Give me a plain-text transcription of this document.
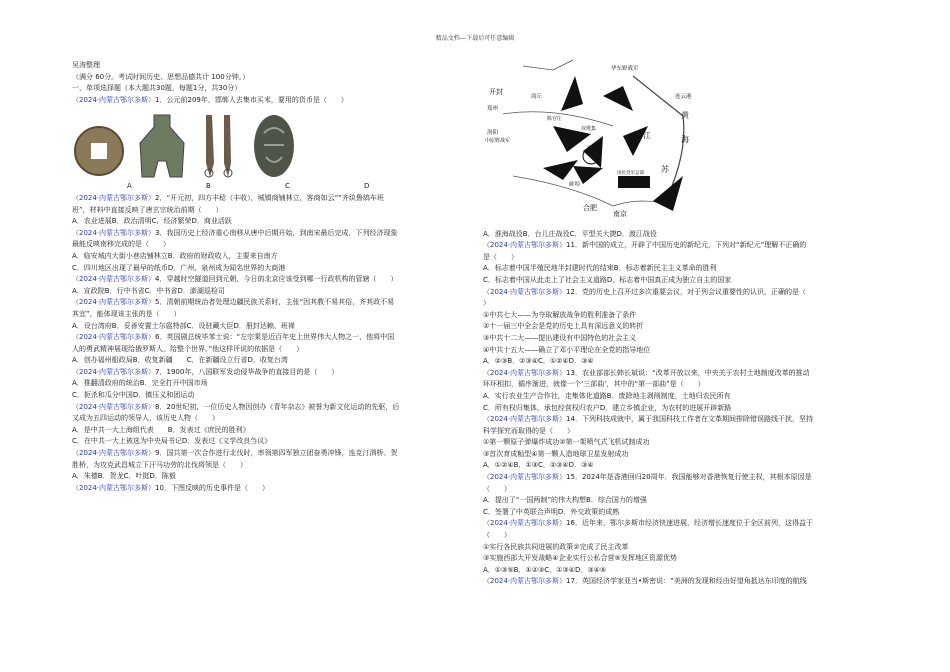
精品文档---下载后可任意编辑
吴涛整理
（满分 60分。考试时间历史、思想品德共计 100分钟。）
一、单项选择题（本大题共30题，每题1分，共30分）
（2024·内蒙古鄂尔多斯）1．公元前209年，邯郸人去集市买米，要用的货币是（　　）
A	B	C	D
（2024·内蒙古鄂尔多斯）2．“开元初，四方丰稔（丰收），城镇商铺林立，客商如云”“齐纨鲁缟车班
班”，材料中直接反映了唐玄宗统治前期（　　）
A．农业进展B．政治清明C．经济繁荣D．商业活跃
（2024·内蒙古鄂尔多斯）3．我国历史上经济重心南移从唐中后期开始，到南宋最后完成．下列经济现象
最能反映南移完成的是（　　）
A．临安城内大街小巷店铺林立B．政府的财政收入，主要来自南方
C．四川地区出现了最早的纸币D．广州、泉州成为闻名世界的大商港
（2024·内蒙古鄂尔多斯）4．穿越时空隧道回到元朝，今日的北京应该受到哪一行政机构的管辖（　　）
A．宣政院B．行中书省C．中书省D．澎湖巡检司
（2024·内蒙古鄂尔多斯）5．清朝前期统治者处理边疆民族关系时，主张“因其教不易其俗，齐其政不易
其宜”，能体现该主张的是（　　）
A．设台湾府B．妥善安置土尔扈特部C．设驻藏大臣D．册封达赖、班禅
（2024·内蒙古鄂尔多斯）6．英国剧总统毕苯士说：“左宗棠是近百年史上世界伟大人物之一，他将中国
人的勇武精神展现给俄罗斯人，给整个世界。”他这样评说的依据是（　　）
A．创办福州船政局B．收复新疆　　C．在新疆设立行省D．收复台湾
（2024·内蒙古鄂尔多斯）7．1900年，八国联军发动侵华战争的直接目的是（　　）
A．推翻清政府的统治B．完全打开中国市场
C．扼杀和瓜分中国D．镇压义和团运动
（2024·内蒙古鄂尔多斯）8．20世纪初，一位历史人物因创办《青年杂志》被誉为新文化运动的先驱，后
又成为五四运动的领导人，该历史人物（　　）
A．是中共一大上海组代表　　B．发表过《庶民的胜利》
C．在中共一大上被选为中央局书记D．发表过《文学改良刍议》
（2024·内蒙古鄂尔多斯）9．国共第一次合作进行北伐时，率领第四军独立团奋勇冲锋，连克汀泗桥、贺
胜桥，为攻克武昌城立下汗马功劳的北伐将领是（　　）
A．朱德B．贺龙C．叶挺D．陈毅
（2024·内蒙古鄂尔多斯）10．下图反映的历史事件是（　　）
开封
郑州
洛阳
中原野战军
华东野战军
连云港
黄
海
商丘
宿县
蚌埠
合肥
南京
江
苏
双堆集
陈官庄
国民党军总部
A．淮海战役B．台儿庄战役C．平型关大捷D．渡江战役
（2024·内蒙古鄂尔多斯）11．新中国的成立，开辟了中国历史的新纪元，下列对“新纪元”理解不正确的
是（　　）
A．标志着中国半殖民地半封建时代的结束B．标志着新民主主义革命的胜利
C．标志着中国从此走上了社会主义道路D．标志着中国真正成为独立自主的国家
（2024·内蒙古鄂尔多斯）12．党的历史上召开过多次重要会议，对于列会议重要性的认识，正确的是（
）
①中共七大——为夺取解放战争的胜利准备了条件
②十一届三中全会是党的历史上具有深远意义的转折
③中共十二大——提出建设有中国特色的社会主义
④中共十五大——确立了邓小平理论在全党的指导地位
A．②③B．②③④C．①②④D．③④
（2024·内蒙古鄂尔多斯）13．农业部部长韩长斌说：“改革开放以来，中央关于农村土地制度改革的推动
环环相扣，循序渐进，就像一个‘三部曲’，其中的“第一部曲”是（　　）
A．实行农业生产合作社，走集体化道路B．废除地主剥削制度，土地归农民所有
C．所有权归集体，承包经营权归农户D．建立乡镇企业，为农村的进展开辟新路
（2024·内蒙古鄂尔多斯）14．下列科技成就中，属于我国科技工作者在文革期间排除错误路线干扰，坚持
科学探究而取得的是（　　）
①第一颗原子弹爆炸成功②第一架喷气式飞机试制成功
③首次育成籼型④第一颗人造地球卫星发射成功
A．①②④B．①③C．②③④D．③④
（2024·内蒙古鄂尔多斯）15．2024年是香港回归20周年．我国能够对香港恢复行使主权，其根本原因是
（　　）
A．提出了“一国两制”的伟大构想B．综合国力的增强
C．签署了中英联合声明D．外交政策的成熟
（2024·内蒙古鄂尔多斯）16．近年来，鄂尔多斯市经济快速进展，经济增长速度位于全区前列，这得益于
（　　）
①实行各民族共同进展的政策②完成了民主改革
③实施西部大开发战略④企业实行公私合营⑤发挥地区资源优势
A．①③⑤B．①②③C．①③④D．③④⑤
（2024·内蒙古鄂尔多斯）17．英国经济学家亚当•斯密说：“美洲的发现和经由好望角抵达东印度的航线
